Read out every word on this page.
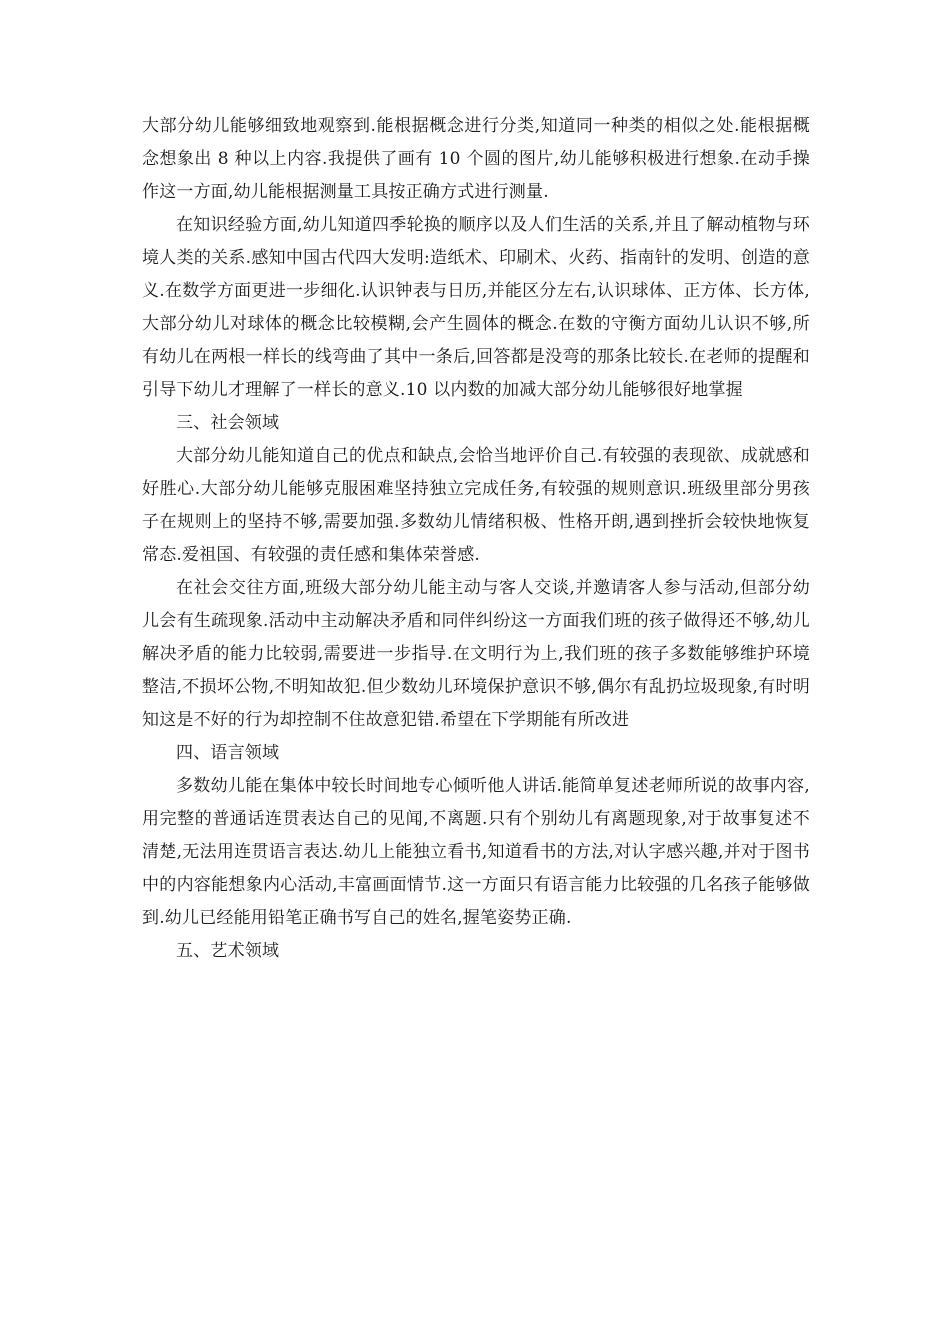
大部分幼儿能够细致地观察到.能根据概念进行分类,知道同一种类的相似之处.能根据概念想象出 8 种以上内容.我提供了画有 10 个圆的图片,幼儿能够积极进行想象.在动手操作这一方面,幼儿能根据测量工具按正确方式进行测量.

在知识经验方面,幼儿知道四季轮换的顺序以及人们生活的关系,并且了解动植物与环境人类的关系.感知中国古代四大发明:造纸术、印刷术、火药、指南针的发明、创造的意义.在数学方面更进一步细化.认识钟表与日历,并能区分左右,认识球体、正方体、长方体,大部分幼儿对球体的概念比较模糊,会产生圆体的概念.在数的守衡方面幼儿认识不够,所有幼儿在两根一样长的线弯曲了其中一条后,回答都是没弯的那条比较长.在老师的提醒和引导下幼儿才理解了一样长的意义.10 以内数的加减大部分幼儿能够很好地掌握

三、社会领域

大部分幼儿能知道自己的优点和缺点,会恰当地评价自己.有较强的表现欲、成就感和好胜心.大部分幼儿能够克服困难坚持独立完成任务,有较强的规则意识.班级里部分男孩子在规则上的坚持不够,需要加强.多数幼儿情绪积极、性格开朗,遇到挫折会较快地恢复常态.爱祖国、有较强的责任感和集体荣誉感.

在社会交往方面,班级大部分幼儿能主动与客人交谈,并邀请客人参与活动,但部分幼儿会有生疏现象.活动中主动解决矛盾和同伴纠纷这一方面我们班的孩子做得还不够,幼儿解决矛盾的能力比较弱,需要进一步指导.在文明行为上,我们班的孩子多数能够维护环境整洁,不损坏公物,不明知故犯.但少数幼儿环境保护意识不够,偶尔有乱扔垃圾现象,有时明知这是不好的行为却控制不住故意犯错.希望在下学期能有所改进

四、语言领域

多数幼儿能在集体中较长时间地专心倾听他人讲话.能简单复述老师所说的故事内容,用完整的普通话连贯表达自己的见闻,不离题.只有个别幼儿有离题现象,对于故事复述不清楚,无法用连贯语言表达.幼儿上能独立看书,知道看书的方法,对认字感兴趣,并对于图书中的内容能想象内心活动,丰富画面情节.这一方面只有语言能力比较强的几名孩子能够做到.幼儿已经能用铅笔正确书写自己的姓名,握笔姿势正确.

五、艺术领域
